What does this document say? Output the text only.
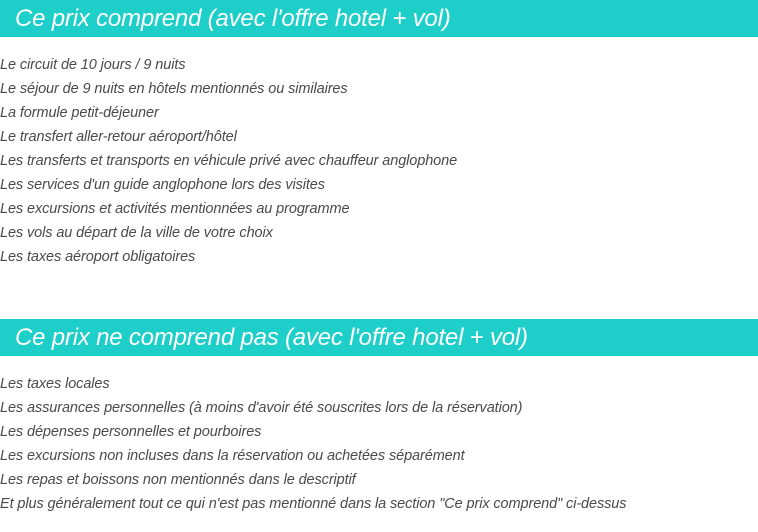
Ce prix comprend (avec l'offre hotel + vol)
Le circuit de 10 jours / 9 nuits
Le séjour de 9 nuits en hôtels mentionnés ou similaires
La formule petit-déjeuner
Le transfert aller-retour aéroport/hôtel
Les transferts et transports en véhicule privé avec chauffeur anglophone
Les services d'un guide anglophone lors des visites
Les excursions et activités mentionnées au programme
Les vols au départ de la ville de votre choix
Les taxes aéroport obligatoires
Ce prix ne comprend pas (avec l'offre hotel + vol)
Les taxes locales
Les assurances personnelles (à moins d'avoir été souscrites lors de la réservation)
Les dépenses personnelles et pourboires
Les excursions non incluses dans la réservation ou achetées séparément
Les repas et boissons non mentionnés dans le descriptif
Et plus généralement tout ce qui n'est pas mentionné dans la section "Ce prix comprend" ci-dessus
